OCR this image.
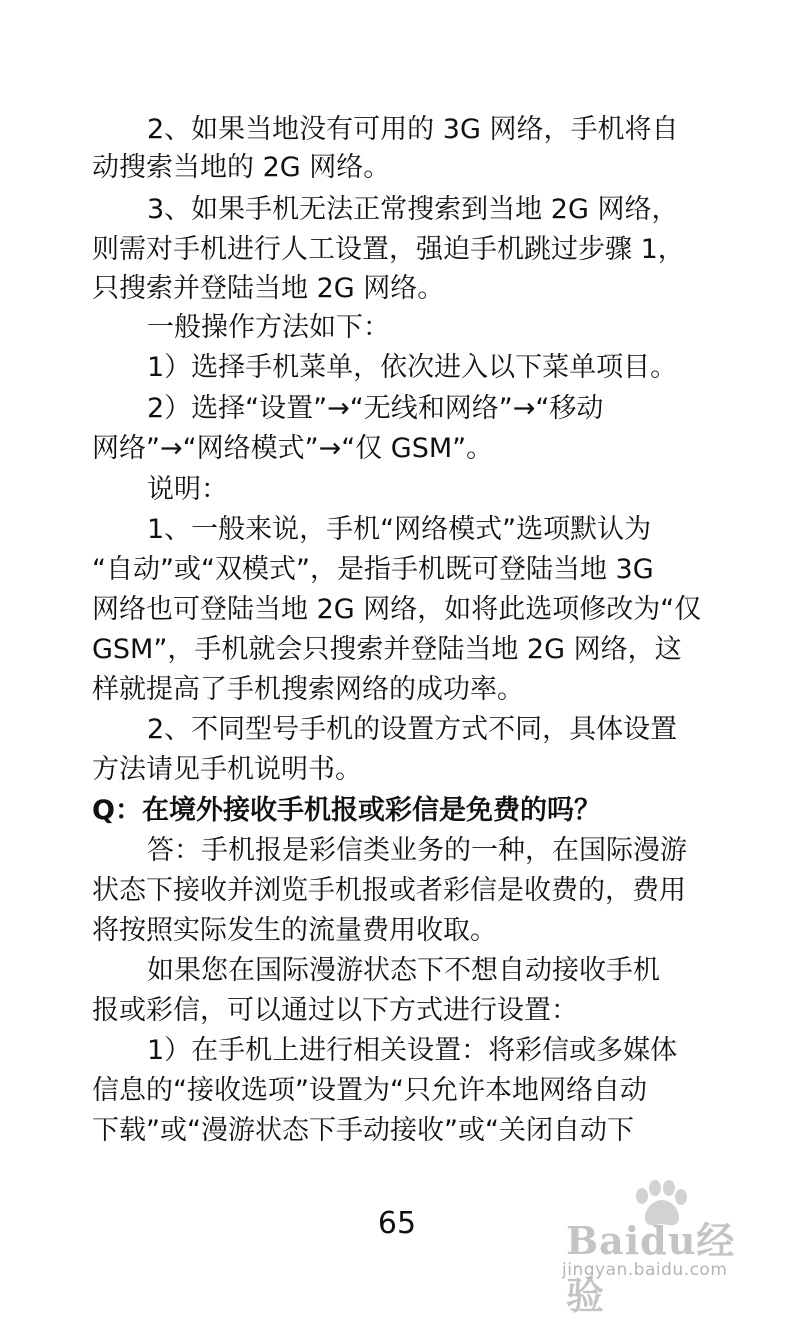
2、如果当地没有可用的 3G 网络，手机将自
动搜索当地的 2G 网络。
3、如果手机无法正常搜索到当地 2G 网络，
则需对手机进行人工设置，强迫手机跳过步骤 1，
只搜索并登陆当地 2G 网络。
一般操作方法如下：
1）选择手机菜单，依次进入以下菜单项目。
2）选择“设置”→“无线和网络”→“移动
网络”→“网络模式”→“仅 GSM”。
说明：
1、一般来说，手机“网络模式”选项默认为
“自动”或“双模式”，是指手机既可登陆当地 3G
网络也可登陆当地 2G 网络，如将此选项修改为“仅
GSM”，手机就会只搜索并登陆当地 2G 网络，这
样就提高了手机搜索网络的成功率。
2、不同型号手机的设置方式不同，具体设置
方法请见手机说明书。
Q：在境外接收手机报或彩信是免费的吗？
答：手机报是彩信类业务的一种，在国际漫游
状态下接收并浏览手机报或者彩信是收费的，费用
将按照实际发生的流量费用收取。
如果您在国际漫游状态下不想自动接收手机
报或彩信，可以通过以下方式进行设置：
1）在手机上进行相关设置：将彩信或多媒体
信息的“接收选项”设置为“只允许本地网络自动
下载”或“漫游状态下手动接收”或“关闭自动下
65	Baidu经验
jingyan.baidu.com
